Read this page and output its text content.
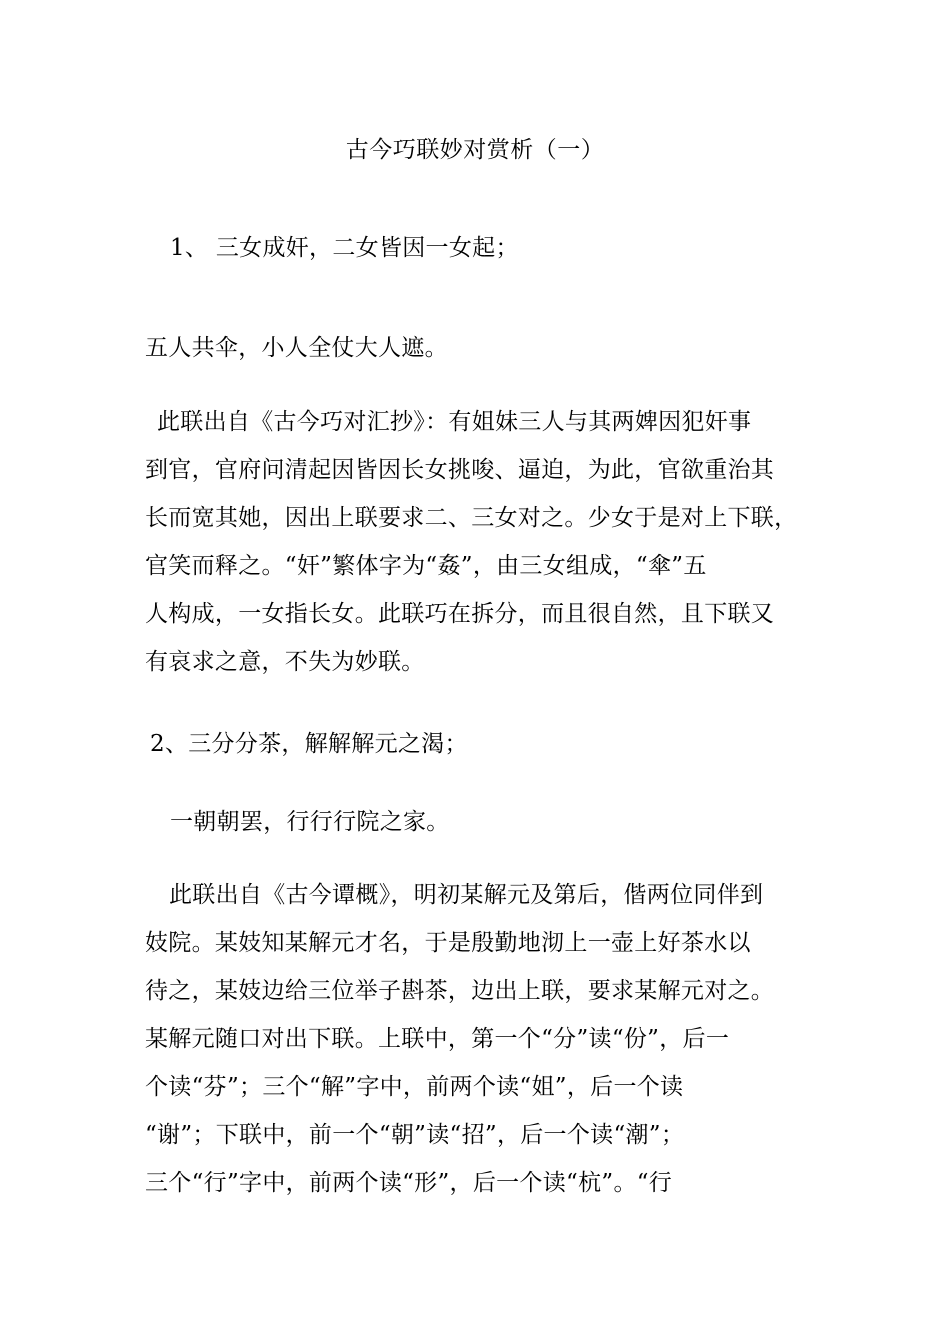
古今巧联妙对赏析（一）
1、 三女成奸，二女皆因一女起；
五人共伞，小人全仗大人遮。
此联出自《古今巧对汇抄》：有姐妹三人与其两婢因犯奸事
到官，官府问清起因皆因长女挑唆、逼迫，为此，官欲重治其
长而宽其她，因出上联要求二、三女对之。少女于是对上下联，
官笑而释之。“奸”繁体字为“姦”，由三女组成，“傘”五
人构成，一女指长女。此联巧在拆分，而且很自然，且下联又
有哀求之意，不失为妙联。
2、三分分茶，解解解元之渴；
一朝朝罢，行行行院之家。
此联出自《古今谭概》，明初某解元及第后，偕两位同伴到
妓院。某妓知某解元才名，于是殷勤地沏上一壶上好茶水以
待之，某妓边给三位举子斟茶，边出上联，要求某解元对之。
某解元随口对出下联。上联中，第一个“分”读“份”，后一
个读“芬”；三个“解”字中，前两个读“姐”，后一个读
“谢”；下联中，前一个“朝”读“招”，后一个读“潮”；
三个“行”字中，前两个读“形”，后一个读“杭”。“行
